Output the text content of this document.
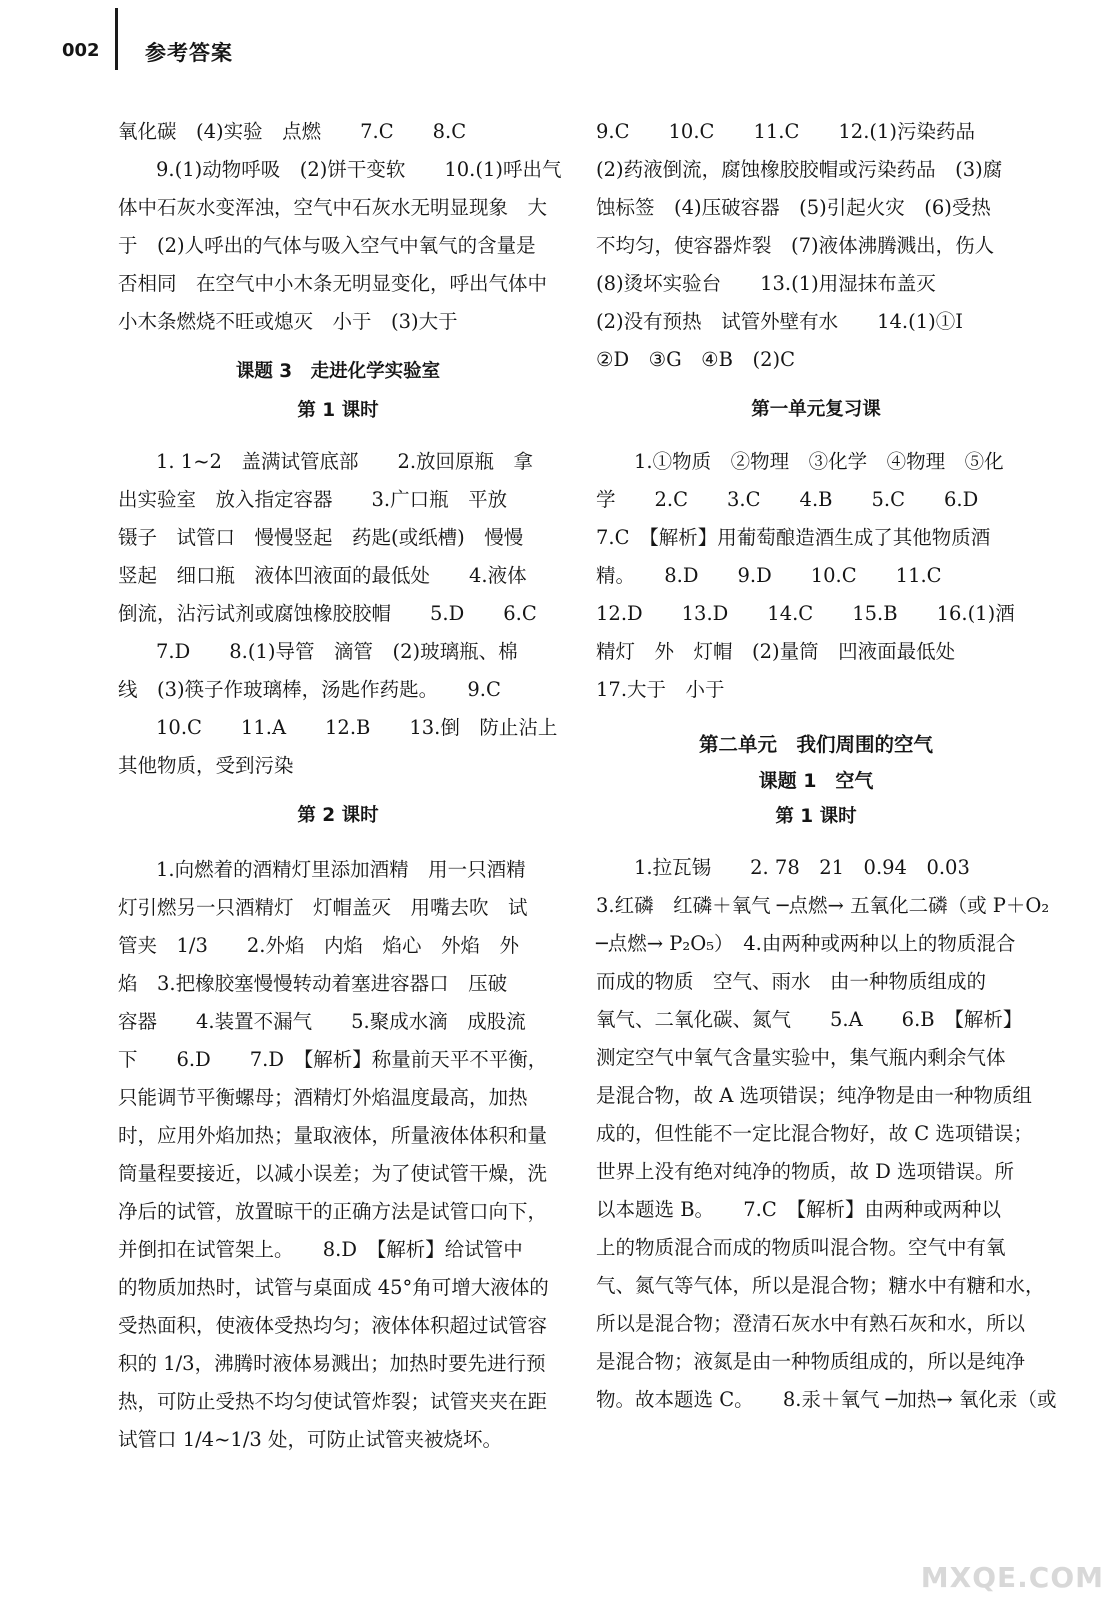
002 参考答案

氧化碳　(4)实验　点燃　　7.C　　8.C

9.(1)动物呼吸　(2)饼干变软　　10.(1)呼出气

体中石灰水变浑浊，空气中石灰水无明显现象　大

于　(2)人呼出的气体与吸入空气中氧气的含量是

否相同　在空气中小木条无明显变化，呼出气体中

小木条燃烧不旺或熄灭　小于　(3)大于

课题 3　走进化学实验室
第 1 课时

1. 1~2　盖满试管底部　　2.放回原瓶　拿

出实验室　放入指定容器　　3.广口瓶　平放

镊子　试管口　慢慢竖起　药匙(或纸槽)　慢慢

竖起　细口瓶　液体凹液面的最低处　　4.液体

倒流，沾污试剂或腐蚀橡胶胶帽　　5.D　　6.C

7.D　　8.(1)导管　滴管　(2)玻璃瓶、棉

线　(3)筷子作玻璃棒，汤匙作药匙。　　9.C

10.C　　11.A　　12.B　　13.倒　防止沾上

其他物质，受到污染

第 2 课时

1.向燃着的酒精灯里添加酒精　用一只酒精

灯引燃另一只酒精灯　灯帽盖灭　用嘴去吹　试

管夹　1/3　　2.外焰　内焰　焰心　外焰　外

焰　3.把橡胶塞慢慢转动着塞进容器口　压破

容器　　4.装置不漏气　　5.聚成水滴　成股流

下　　6.D　　7.D　【解析】称量前天平不平衡，

只能调节平衡螺母；酒精灯外焰温度最高，加热

时，应用外焰加热；量取液体，所量液体体积和量

筒量程要接近，以减小误差；为了使试管干燥，洗

净后的试管，放置晾干的正确方法是试管口向下，

并倒扣在试管架上。　　8.D　【解析】给试管中

的物质加热时，试管与桌面成 45°角可增大液体的

受热面积，使液体受热均匀；液体体积超过试管容

积的 1/3，沸腾时液体易溅出；加热时要先进行预

热，可防止受热不均匀使试管炸裂；试管夹夹在距

试管口 1/4~1/3 处，可防止试管夹被烧坏。

9.C　　10.C　　11.C　　12.(1)污染药品

(2)药液倒流，腐蚀橡胶胶帽或污染药品　(3)腐

蚀标签　(4)压破容器　(5)引起火灾　(6)受热

不均匀，使容器炸裂　(7)液体沸腾溅出，伤人

(8)烫坏实验台　　13.(1)用湿抹布盖灭

(2)没有预热　试管外壁有水　　14.(1)①I

②D　③G　④B　(2)C

第一单元复习课

1.①物质　②物理　③化学　④物理　⑤化

学　　2.C　　3.C　　4.B　　5.C　　6.D

7.C　【解析】用葡萄酿造酒生成了其他物质酒

精。　　8.D　　9.D　　10.C　　11.C

12.D　　13.D　　14.C　　15.B　　16.(1)酒

精灯　外　灯帽　(2)量筒　凹液面最低处

17.大于　小于

第二单元　我们周围的空气
课题 1　空气
第 1 课时

1.拉瓦锡　　2. 78　21　0.94　0.03

3.红磷　红磷＋氧气 ─点燃→ 五氧化二磷（或 P＋O₂

─点燃→ P₂O₅）　4.由两种或两种以上的物质混合

而成的物质　空气、雨水　由一种物质组成的

氧气、二氧化碳、氮气　　5.A　　6.B　【解析】

测定空气中氧气含量实验中，集气瓶内剩余气体

是混合物，故 A 选项错误；纯净物是由一种物质组

成的，但性能不一定比混合物好，故 C 选项错误；

世界上没有绝对纯净的物质，故 D 选项错误。所

以本题选 B。　　7.C　【解析】由两种或两种以

上的物质混合而成的物质叫混合物。空气中有氧

气、氮气等气体，所以是混合物；糖水中有糖和水，

所以是混合物；澄清石灰水中有熟石灰和水，所以

是混合物；液氮是由一种物质组成的，所以是纯净

物。故本题选 C。　　8.汞＋氧气 ─加热→ 氧化汞（或

MXQE.COM
